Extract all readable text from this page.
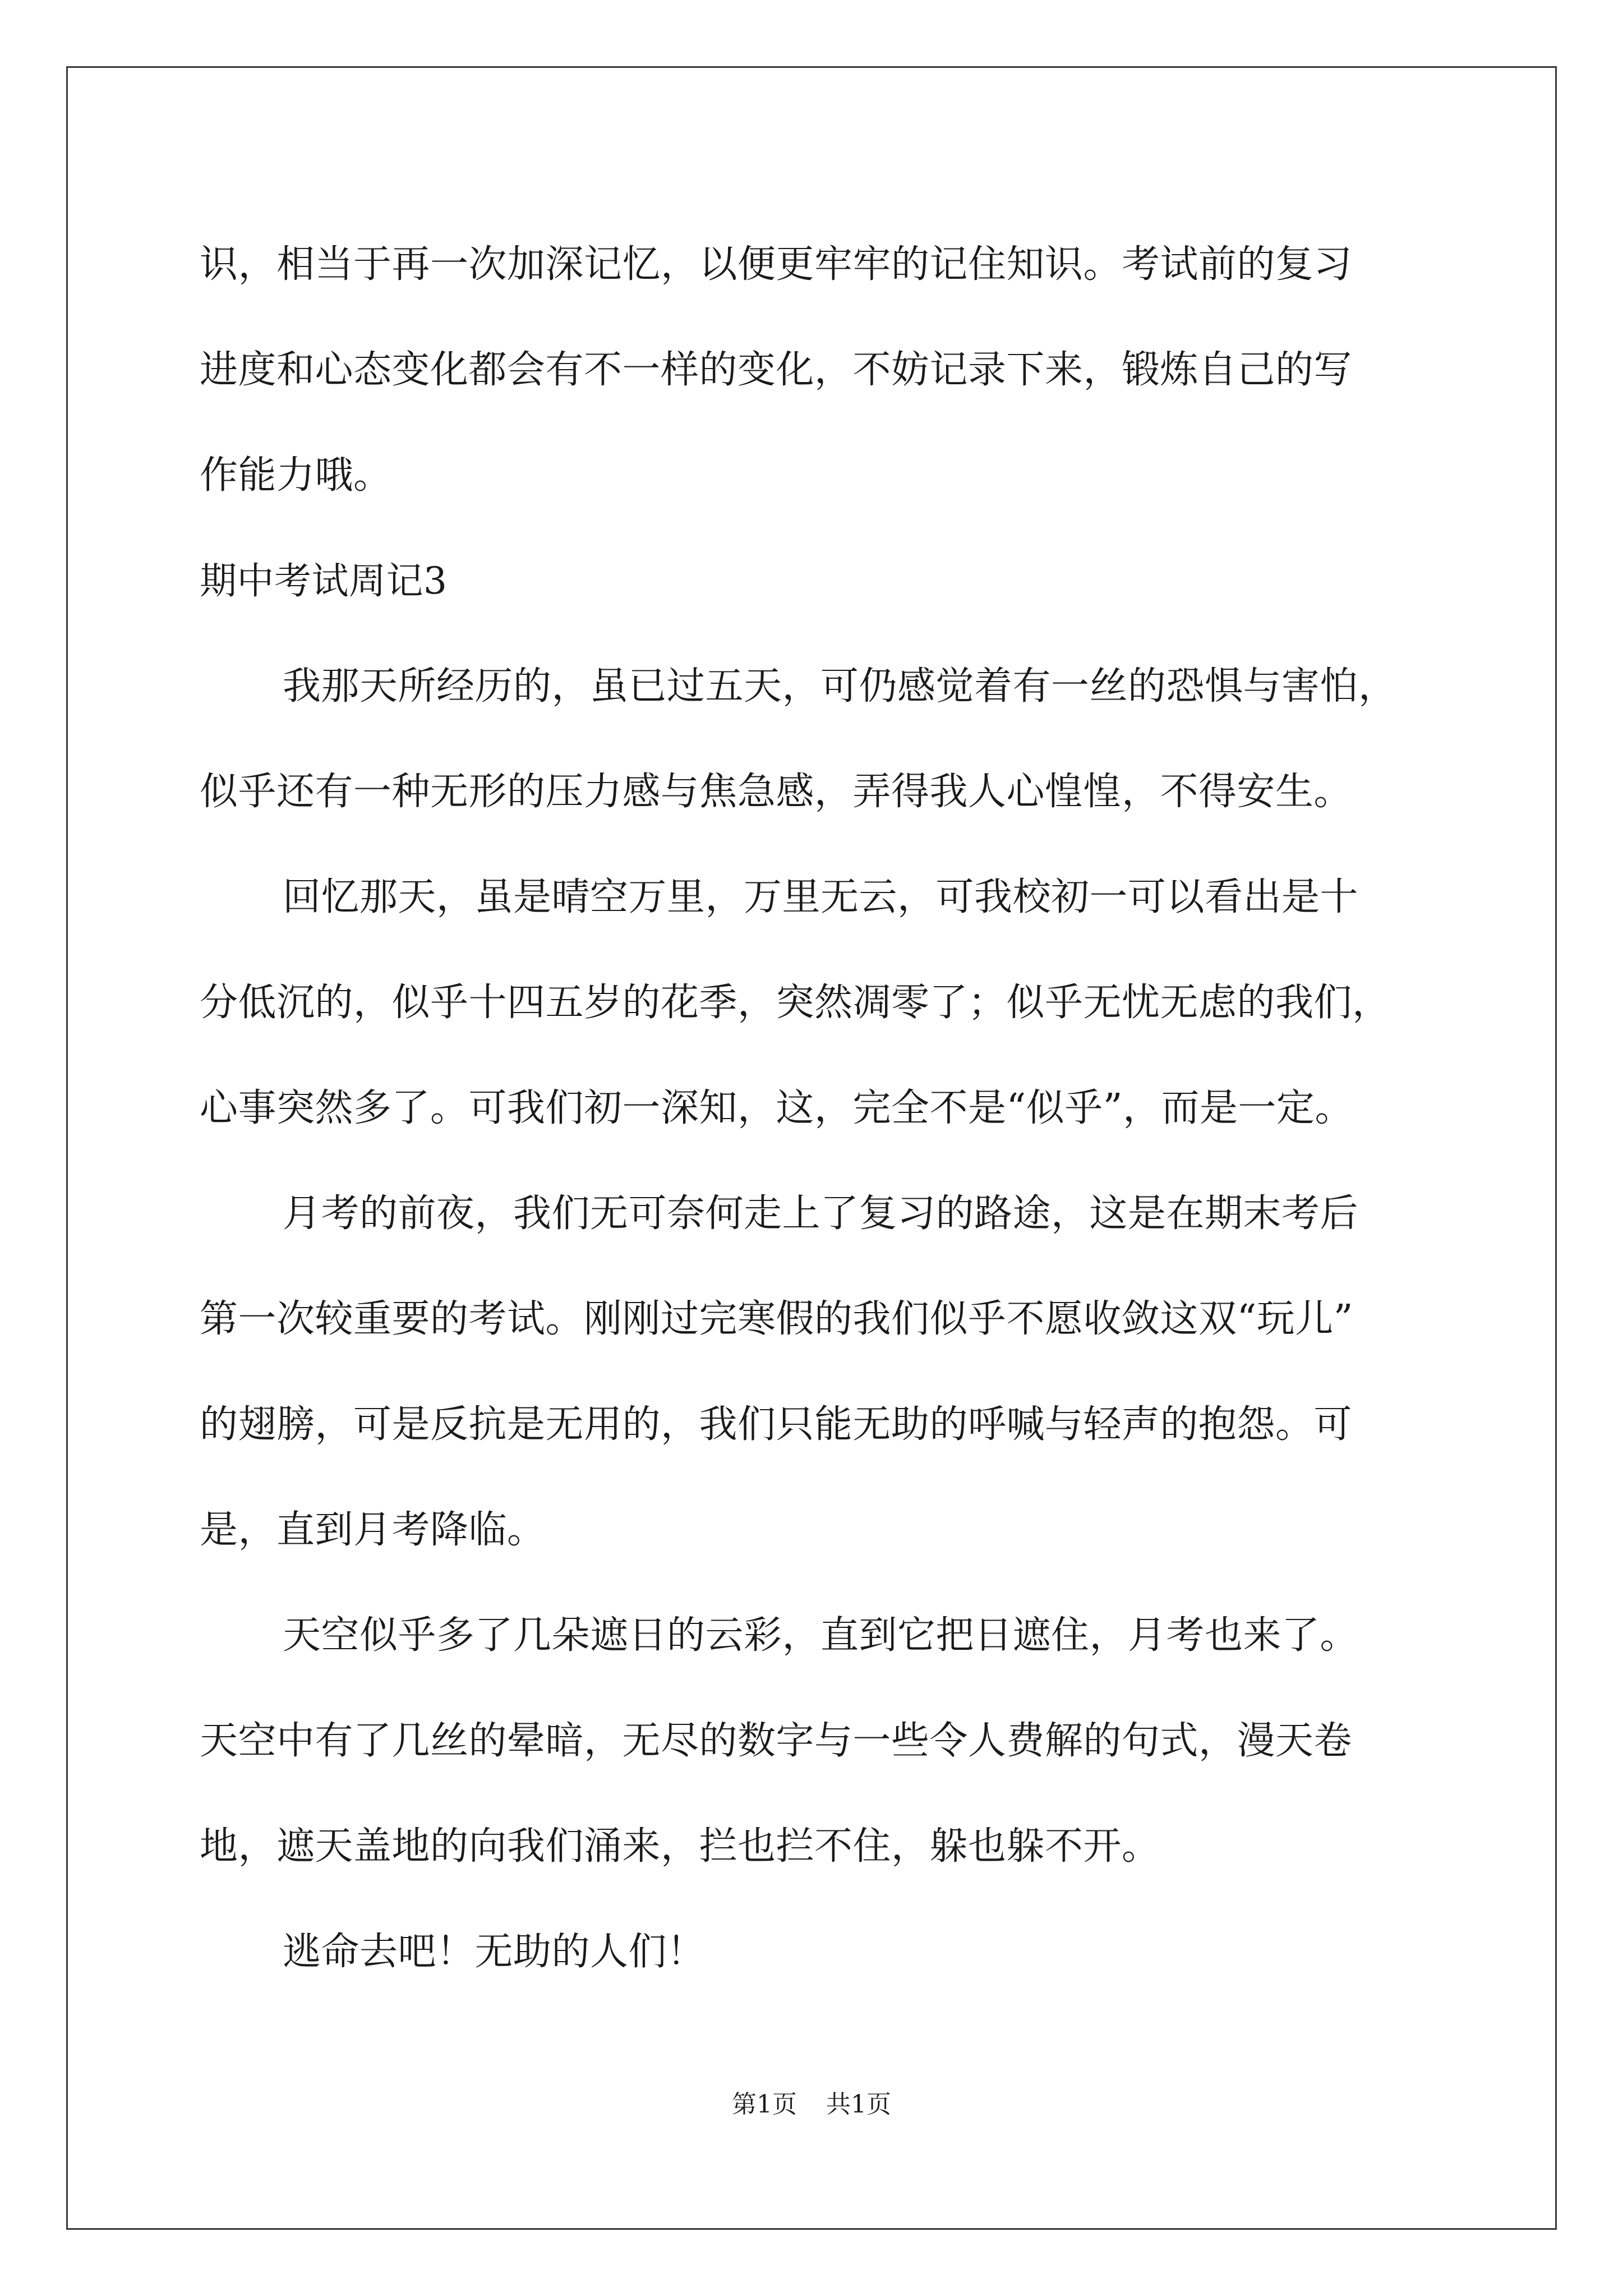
识，相当于再一次加深记忆，以便更牢牢的记住知识。考试前的复习
进度和心态变化都会有不一样的变化，不妨记录下来，锻炼自己的写
作能力哦。
期中考试周记3
我那天所经历的，虽已过五天，可仍感觉着有一丝的恐惧与害怕，
似乎还有一种无形的压力感与焦急感，弄得我人心惶惶，不得安生。
回忆那天，虽是晴空万里，万里无云，可我校初一可以看出是十
分低沉的，似乎十四五岁的花季，突然凋零了；似乎无忧无虑的我们，
心事突然多了。可我们初一深知，这，完全不是“似乎”，而是一定。
月考的前夜，我们无可奈何走上了复习的路途，这是在期末考后
第一次较重要的考试。刚刚过完寒假的我们似乎不愿收敛这双“玩儿”
的翅膀，可是反抗是无用的，我们只能无助的呼喊与轻声的抱怨。可
是，直到月考降临。
天空似乎多了几朵遮日的云彩，直到它把日遮住，月考也来了。
天空中有了几丝的晕暗，无尽的数字与一些令人费解的句式，漫天卷
地，遮天盖地的向我们涌来，拦也拦不住，躲也躲不开。
逃命去吧！无助的人们！
第1页 共1页
